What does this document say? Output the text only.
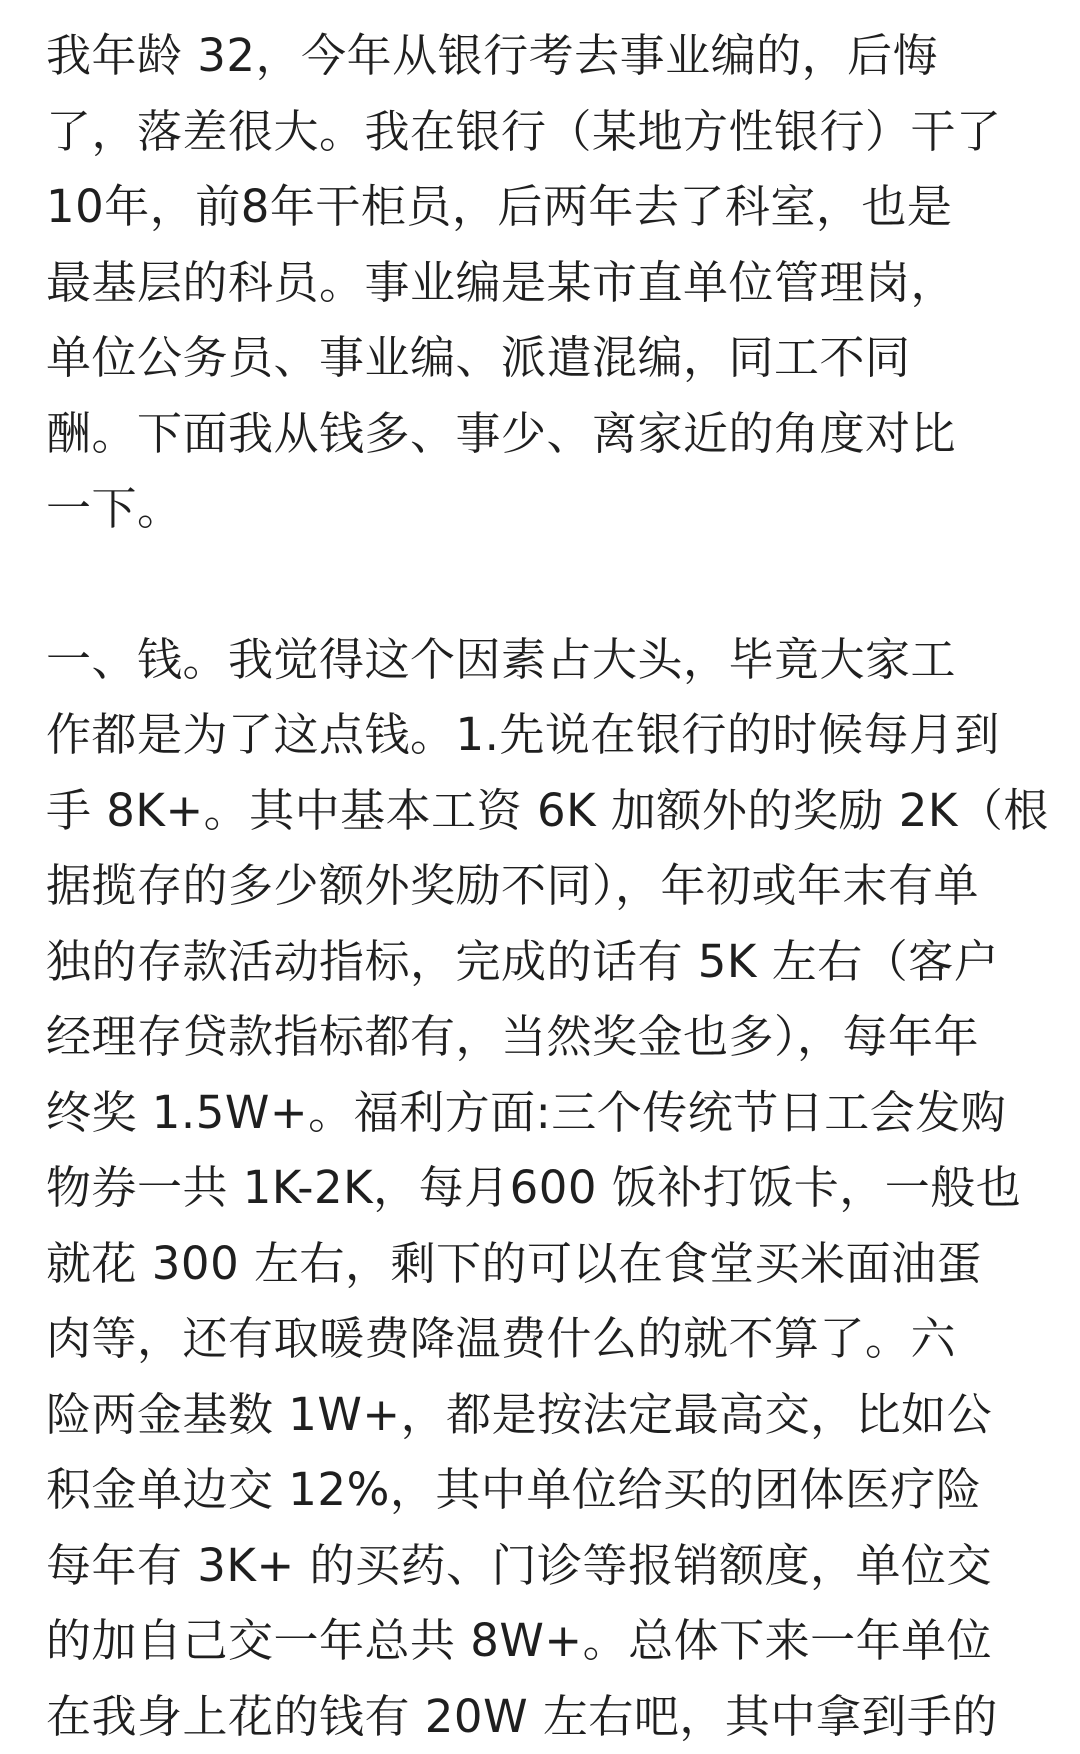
我年龄 32，今年从银行考去事业编的，后悔
了，落差很大。我在银行（某地方性银行）干了
10年，前8年干柜员，后两年去了科室，也是
最基层的科员。事业编是某市直单位管理岗，
单位公务员、事业编、派遣混编，同工不同
酬。下面我从钱多、事少、离家近的角度对比
一下。

一、钱。我觉得这个因素占大头，毕竟大家工
作都是为了这点钱。1.先说在银行的时候每月到
手 8K+。其中基本工资 6K 加额外的奖励 2K（根
据揽存的多少额外奖励不同），年初或年末有单
独的存款活动指标，完成的话有 5K 左右（客户
经理存贷款指标都有，当然奖金也多），每年年
终奖 1.5W+。福利方面:三个传统节日工会发购
物券一共 1K-2K，每月600 饭补打饭卡，一般也
就花 300 左右，剩下的可以在食堂买米面油蛋
肉等，还有取暖费降温费什么的就不算了。六
险两金基数 1W+，都是按法定最高交，比如公
积金单边交 12%，其中单位给买的团体医疗险
每年有 3K+ 的买药、门诊等报销额度，单位交
的加自己交一年总共 8W+。总体下来一年单位
在我身上花的钱有 20W 左右吧，其中拿到手的
